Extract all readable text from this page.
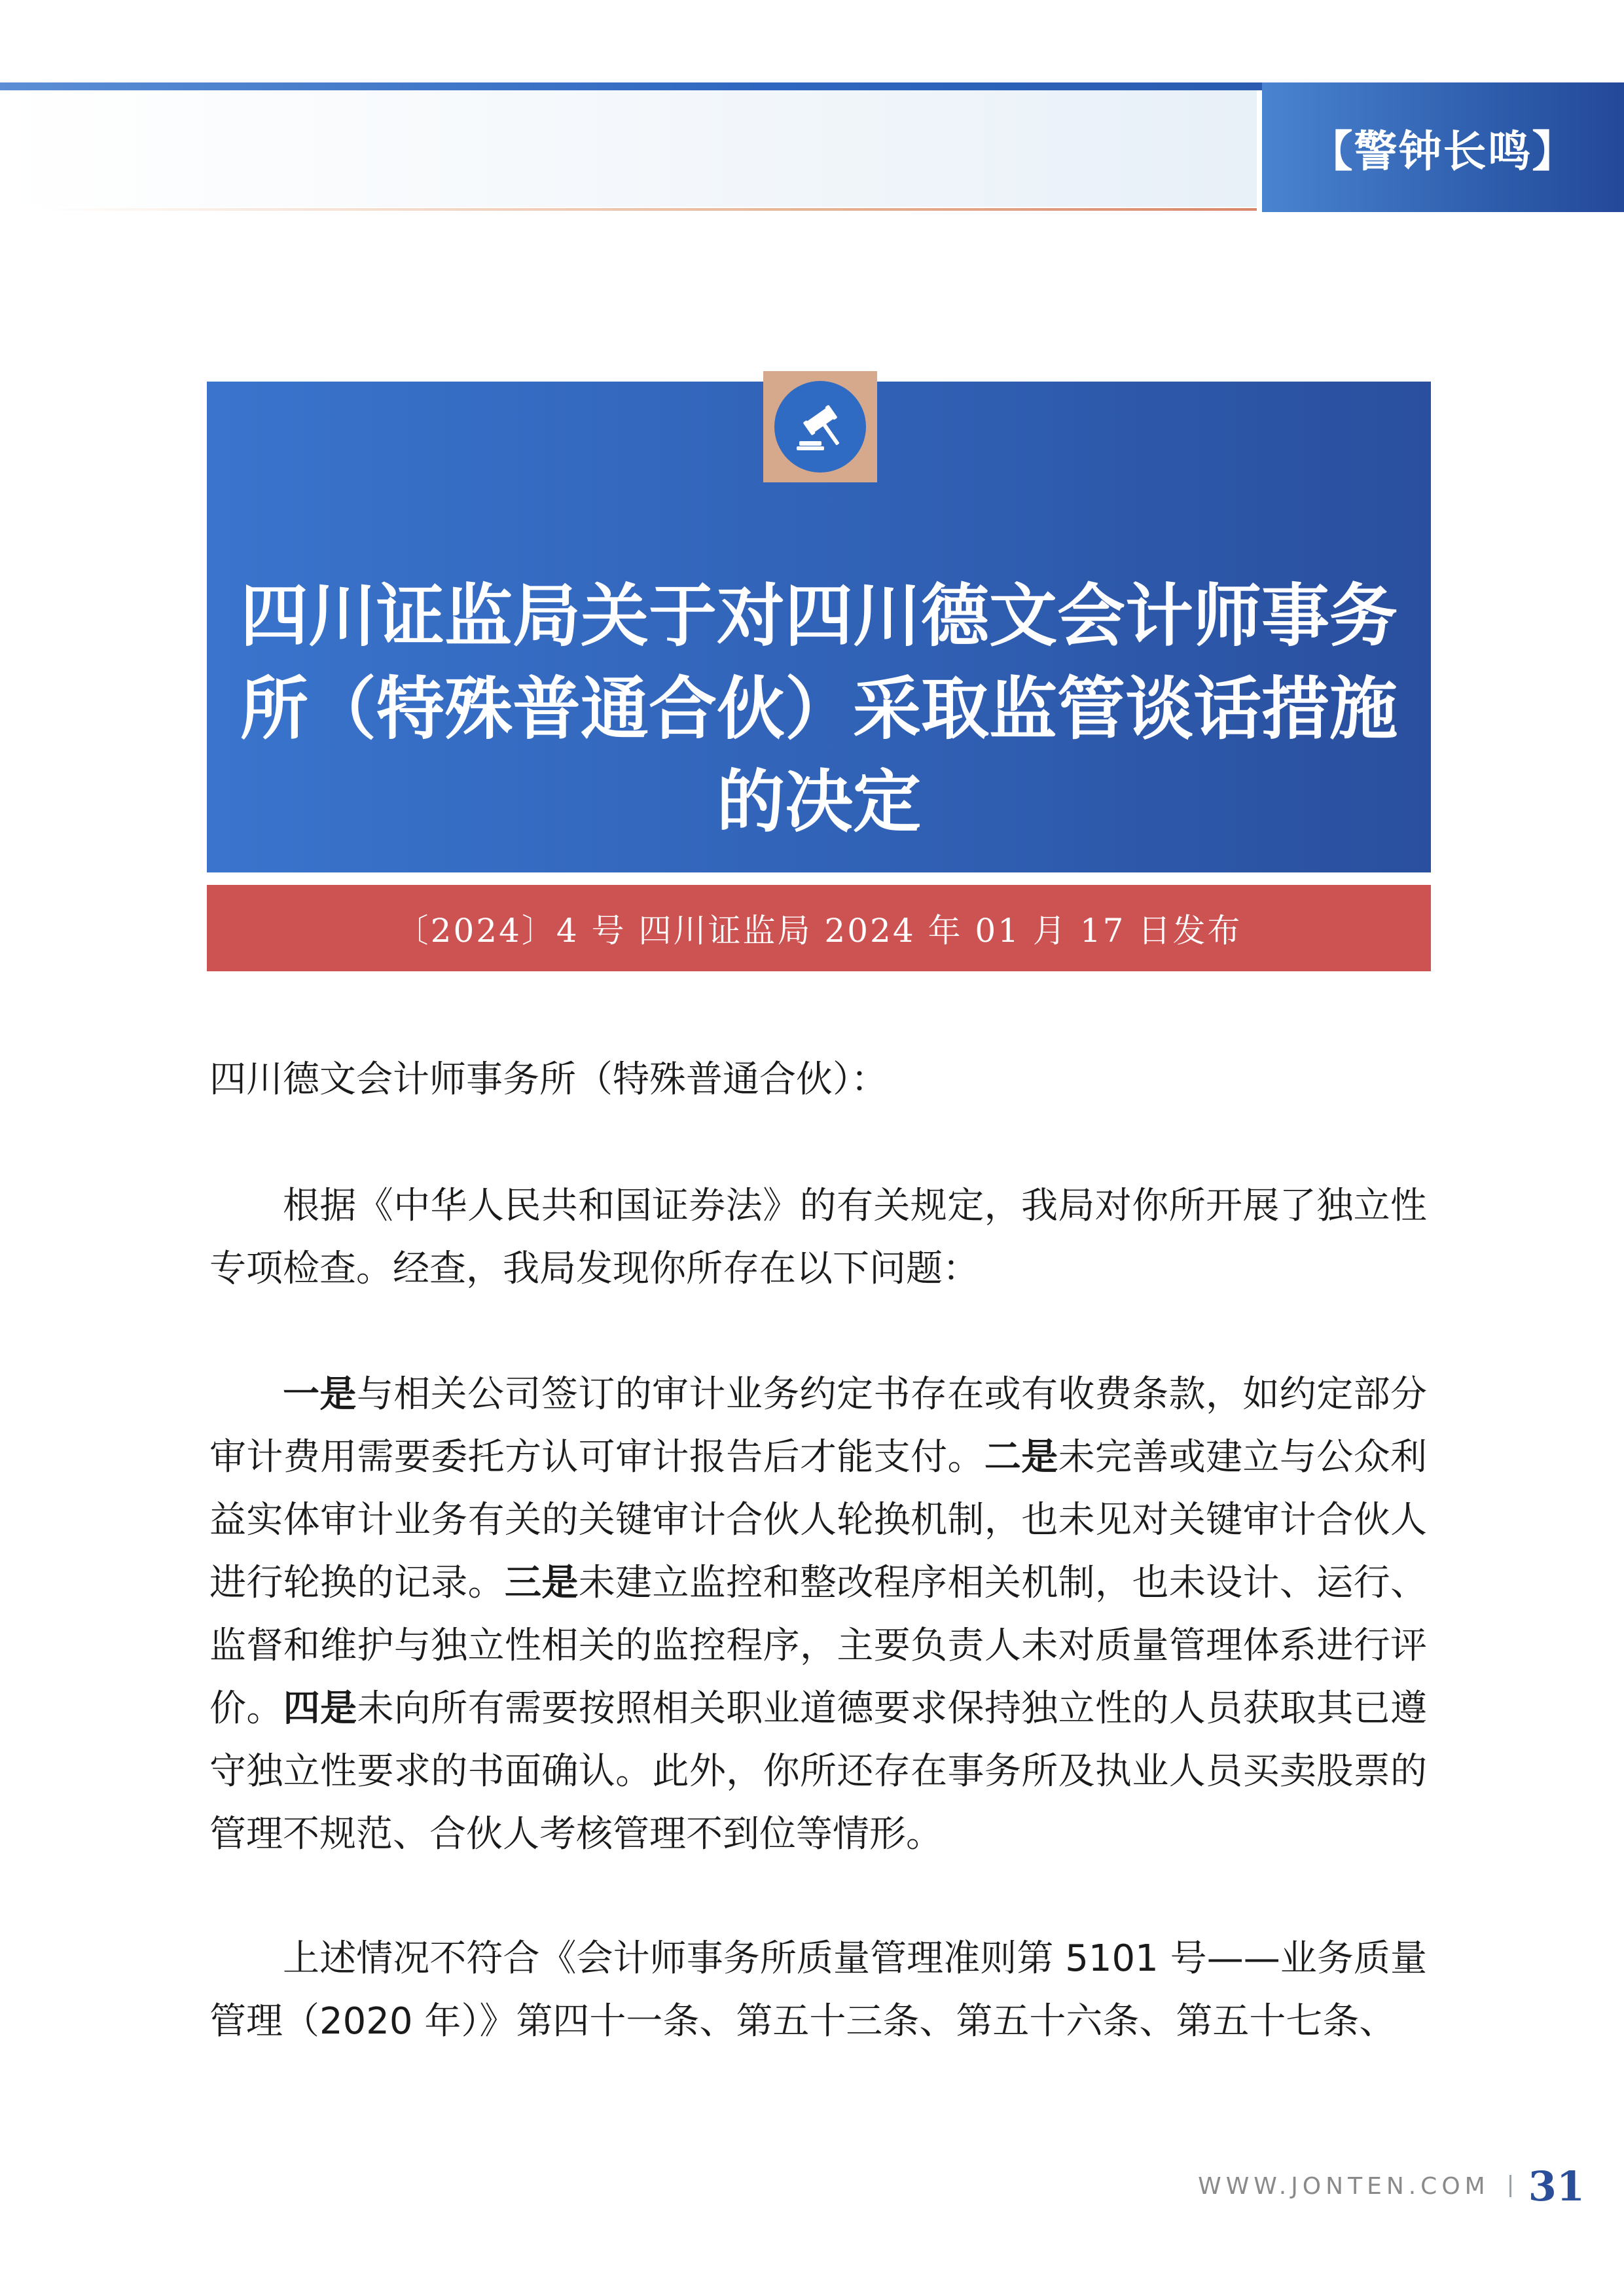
【警钟长鸣】
四川证监局关于对四川德文会计师事务所（特殊普通合伙）采取监管谈话措施的决定
〔2024〕4 号 四川证监局 2024 年 01 月 17 日发布

四川德文会计师事务所（特殊普通合伙）：

根据《中华人民共和国证券法》的有关规定，我局对你所开展了独立性专项检查。经查，我局发现你所存在以下问题：

一是与相关公司签订的审计业务约定书存在或有收费条款，如约定部分审计费用需要委托方认可审计报告后才能支付。二是未完善或建立与公众利益实体审计业务有关的关键审计合伙人轮换机制，也未见对关键审计合伙人进行轮换的记录。三是未建立监控和整改程序相关机制，也未设计、运行、监督和维护与独立性相关的监控程序，主要负责人未对质量管理体系进行评价。四是未向所有需要按照相关职业道德要求保持独立性的人员获取其已遵守独立性要求的书面确认。此外，你所还存在事务所及执业人员买卖股票的管理不规范、合伙人考核管理不到位等情形。

上述情况不符合《会计师事务所质量管理准则第 5101 号——业务质量管理（2020 年）》第四十一条、第五十三条、第五十六条、第五十七条、

WWW.JONTEN.COM 31
